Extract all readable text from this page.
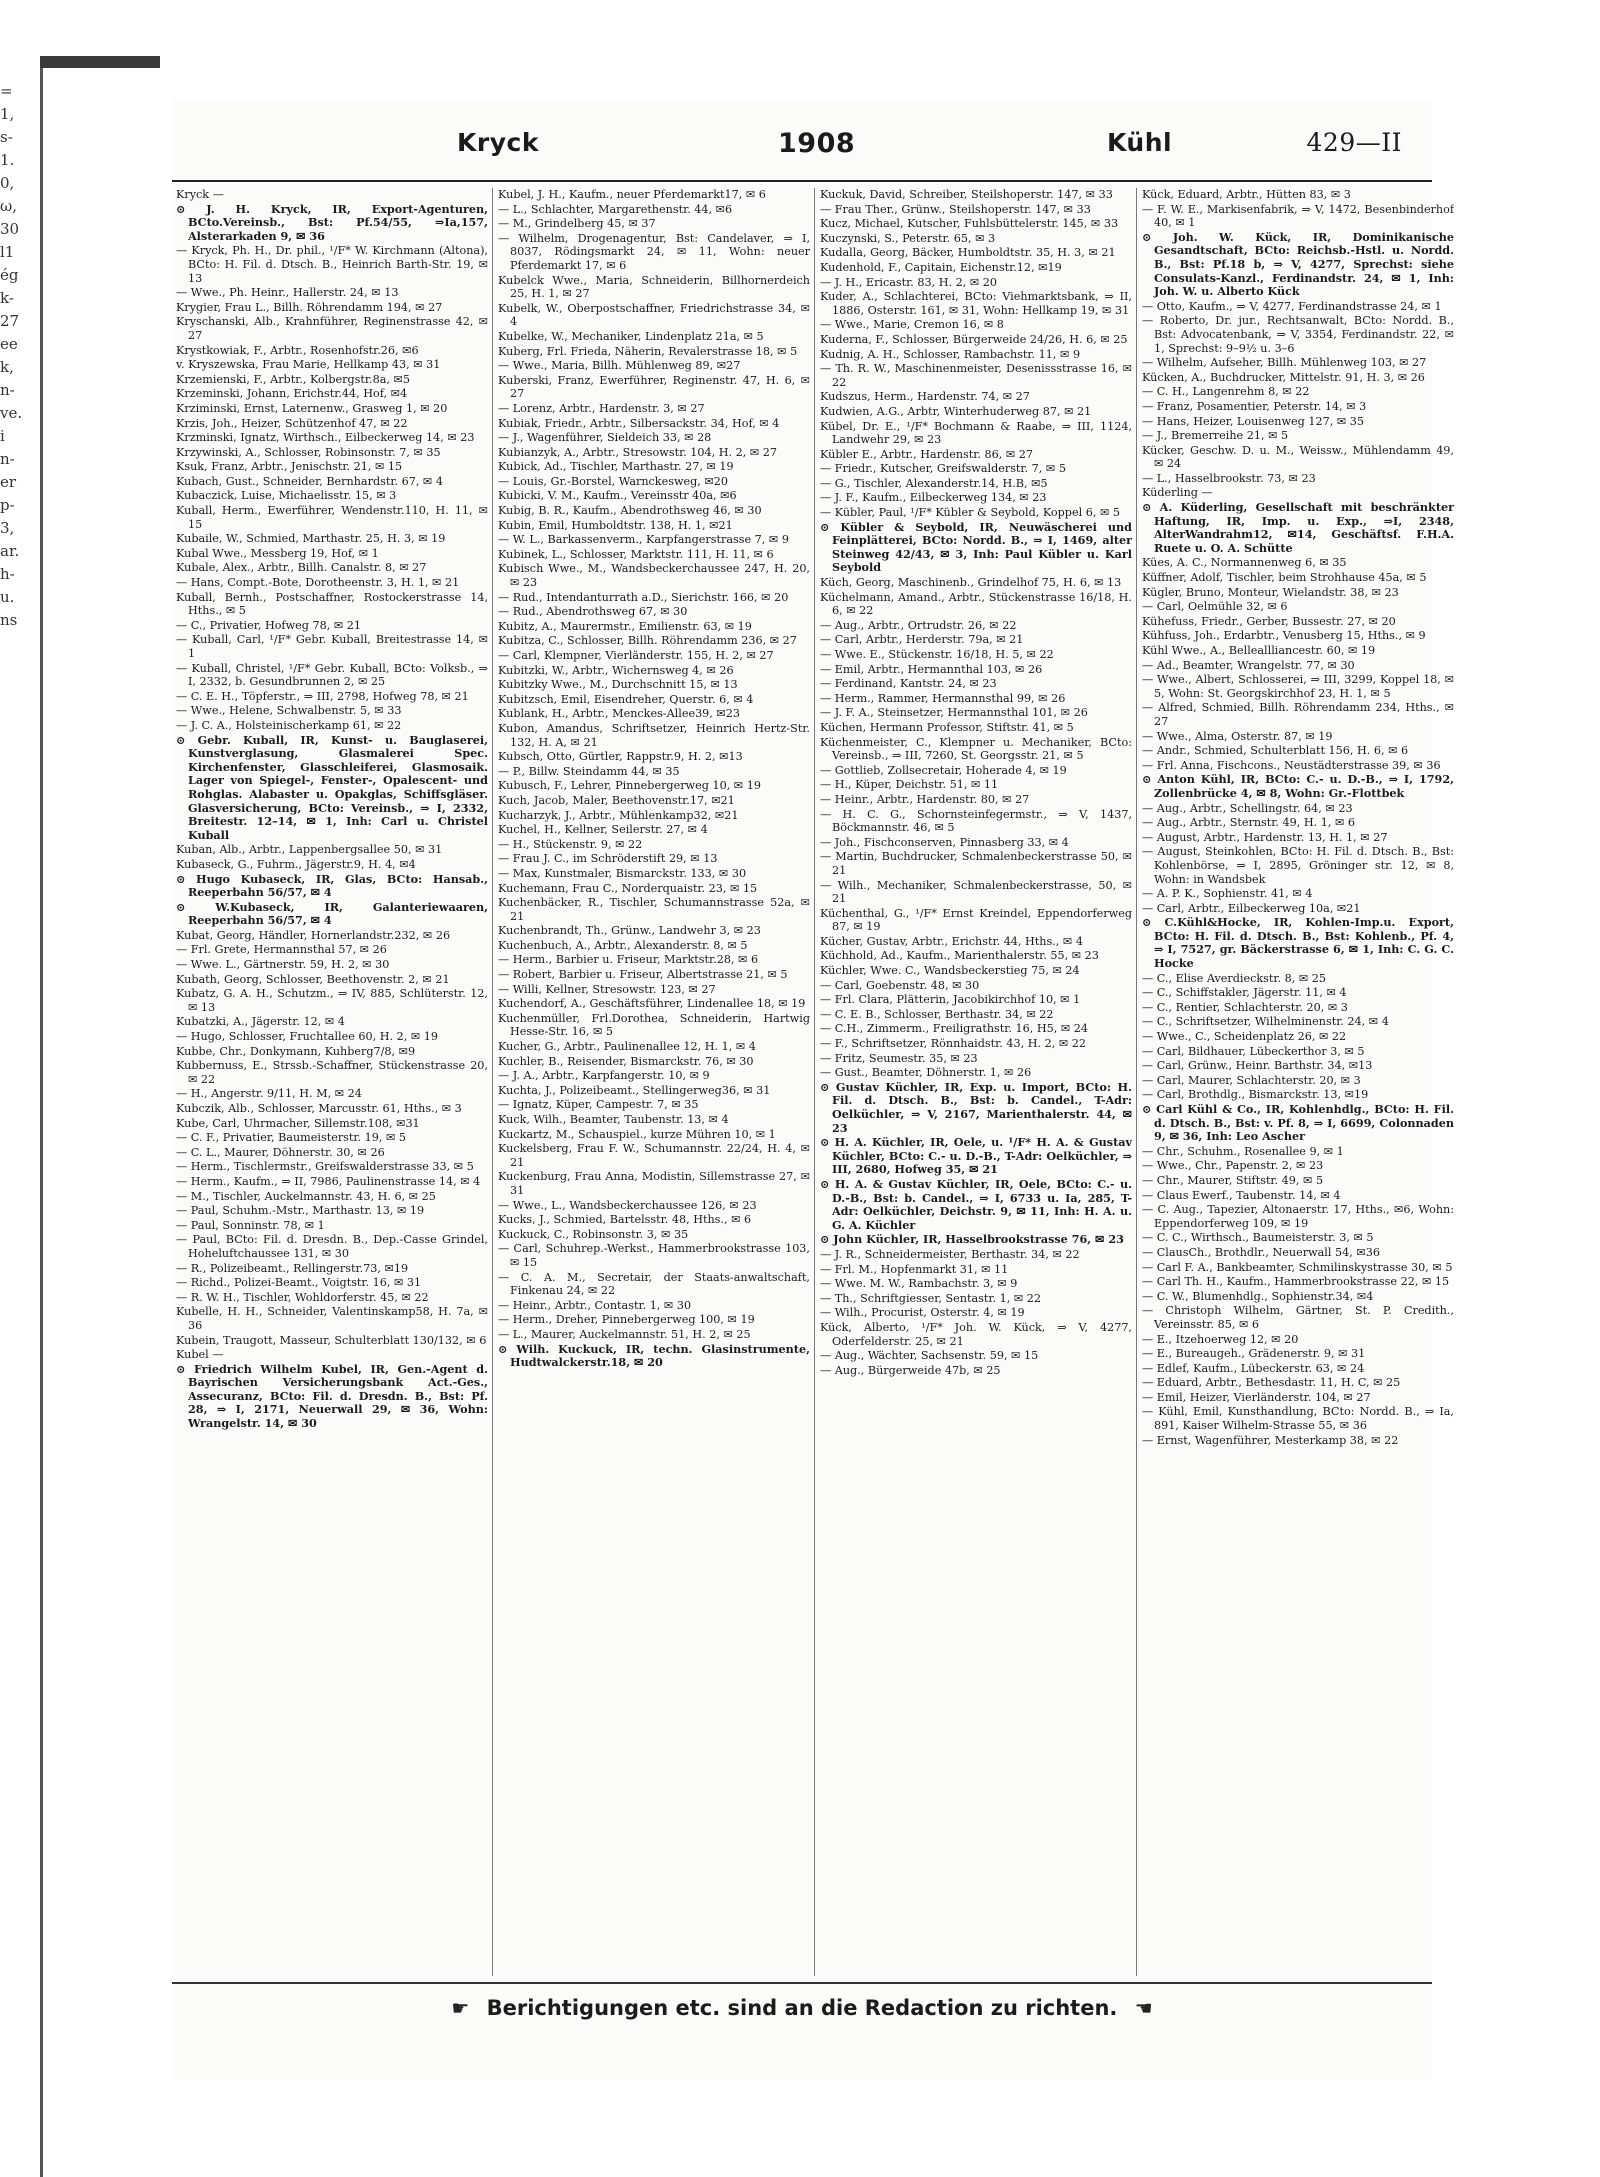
=
1,
s-
1.
0,
ω,
30
l1
ég
k-
27
ee
k,
n-
ve.
i
n-
er
p-
3,
ar.
h-
u.
ns
Kryck	1908	Kühl	429—II
Kryck —
⊙ J. H. Kryck, IR, Export-Agenturen, BCto.Vereinsb., Bst: Pf.54/55, ⇒Ia,157, Alsterarkaden 9, ✉ 36
— Kryck, Ph. H., Dr. phil., ¹/F* W. Kirchmann (Altona), BCto: H. Fil. d. Dtsch. B., Heinrich Barth-Str. 19, ✉ 13
— Wwe., Ph. Heinr., Hallerstr. 24, ✉ 13
Krygier, Frau L., Billh. Röhrendamm 194, ✉ 27
Kryschanski, Alb., Krahnführer, Reginenstrasse 42, ✉ 27
Krystkowiak, F., Arbtr., Rosenhofstr.26, ✉6
v. Kryszewska, Frau Marie, Hellkamp 43, ✉ 31
Krzemienski, F., Arbtr., Kolbergstr.8a, ✉5
Krzeminski, Johann, Erichstr.44, Hof, ✉4
Krziminski, Ernst, Laternenw., Grasweg 1, ✉ 20
Krzis, Joh., Heizer, Schützenhof 47, ✉ 22
Krzminski, Ignatz, Wirthsch., Eilbeckerweg 14, ✉ 23
Krzywinski, A., Schlosser, Robinsonstr. 7, ✉ 35
Ksuk, Franz, Arbtr., Jenischstr. 21, ✉ 15
Kubach, Gust., Schneider, Bernhardstr. 67, ✉ 4
Kubaczick, Luise, Michaelisstr. 15, ✉ 3
Kuball, Herm., Ewerführer, Wendenstr.110, H. 11, ✉ 15
Kubaile, W., Schmied, Marthastr. 25, H. 3, ✉ 19
Kubal Wwe., Messberg 19, Hof, ✉ 1
Kubale, Alex., Arbtr., Billh. Canalstr. 8, ✉ 27
— Hans, Compt.-Bote, Dorotheenstr. 3, H. 1, ✉ 21
Kuball, Bernh., Postschaffner, Rostockerstrasse 14, Hths., ✉ 5
— C., Privatier, Hofweg 78, ✉ 21
— Kuball, Carl, ¹/F* Gebr. Kuball, Breitestrasse 14, ✉ 1
— Kuball, Christel, ¹/F* Gebr. Kuball, BCto: Volksb., ⇒ I, 2332, b. Gesundbrunnen 2, ✉ 25
— C. E. H., Töpferstr., ⇒ III, 2798, Hofweg 78, ✉ 21
— Wwe., Helene, Schwalbenstr. 5, ✉ 33
— J. C. A., Holsteinischerkamp 61, ✉ 22
⊙ Gebr. Kuball, IR, Kunst- u. Bauglaserei, Kunstverglasung, Glasmalerei Spec. Kirchenfenster, Glasschleiferei, Glasmosaik. Lager von Spiegel-, Fenster-, Opalescent- und Rohglas. Alabaster u. Opakglas, Schiffsgläser. Glasversicherung, BCto: Vereinsb., ⇒ I, 2332, Breitestr. 12–14, ✉ 1, Inh: Carl u. Christel Kuball
Kuban, Alb., Arbtr., Lappenbergsallee 50, ✉ 31
Kubaseck, G., Fuhrm., Jägerstr.9, H. 4, ✉4
⊙ Hugo Kubaseck, IR, Glas, BCto: Hansab., Reeperbahn 56/57, ✉ 4
⊙ W.Kubaseck, IR, Galanteriewaaren, Reeperbahn 56/57, ✉ 4
Kubat, Georg, Händler, Hornerlandstr.232, ✉ 26
— Frl. Grete, Hermannsthal 57, ✉ 26
— Wwe. L., Gärtnerstr. 59, H. 2, ✉ 30
Kubath, Georg, Schlosser, Beethovenstr. 2, ✉ 21
Kubatz, G. A. H., Schutzm., ⇒ IV, 885, Schlüterstr. 12, ✉ 13
Kubatzki, A., Jägerstr. 12, ✉ 4
— Hugo, Schlosser, Fruchtallee 60, H. 2, ✉ 19
Kubbe, Chr., Donkymann, Kuhberg7/8, ✉9
Kubbernuss, E., Strssb.-Schaffner, Stückenstrasse 20, ✉ 22
— H., Angerstr. 9/11, H. M, ✉ 24
Kubczik, Alb., Schlosser, Marcusstr. 61, Hths., ✉ 3
Kube, Carl, Uhrmacher, Sillemstr.108, ✉31
— C. F., Privatier, Baumeisterstr. 19, ✉ 5
— C. L., Maurer, Döhnerstr. 30, ✉ 26
— Herm., Tischlermstr., Greifswalderstrasse 33, ✉ 5
— Herm., Kaufm., ⇒ II, 7986, Paulinenstrasse 14, ✉ 4
— M., Tischler, Auckelmannstr. 43, H. 6, ✉ 25
— Paul, Schuhm.-Mstr., Marthastr. 13, ✉ 19
— Paul, Sonninstr. 78, ✉ 1
— Paul, BCto: Fil. d. Dresdn. B., Dep.-Casse Grindel, Hoheluftchaussee 131, ✉ 30
— R., Polizeibeamt., Rellingerstr.73, ✉19
— Richd., Polizei-Beamt., Voigtstr. 16, ✉ 31
— R. W. H., Tischler, Wohldorferstr. 45, ✉ 22
Kubelle, H. H., Schneider, Valentinskamp58, H. 7a, ✉ 36
Kubein, Traugott, Masseur, Schulterblatt 130/132, ✉ 6
Kubel —
⊙ Friedrich Wilhelm Kubel, IR, Gen.-Agent d. Bayrischen Versicherungsbank Act.-Ges., Assecuranz, BCto: Fil. d. Dresdn. B., Bst: Pf. 28, ⇒ I, 2171, Neuerwall 29, ✉ 36, Wohn: Wrangelstr. 14, ✉ 30
Kubel, J. H., Kaufm., neuer Pferdemarkt17, ✉ 6
— L., Schlachter, Margarethenstr. 44, ✉6
— M., Grindelberg 45, ✉ 37
— Wilhelm, Drogenagentur, Bst: Candelaver, ⇒ I, 8037, Rödingsmarkt 24, ✉ 11, Wohn: neuer Pferdemarkt 17, ✉ 6
Kubelck Wwe., Maria, Schneiderin, Billhornerdeich 25, H. 1, ✉ 27
Kubelk, W., Oberpostschaffner, Friedrichstrasse 34, ✉ 4
Kubelke, W., Mechaniker, Lindenplatz 21a, ✉ 5
Kuberg, Frl. Frieda, Näherin, Revalerstrasse 18, ✉ 5
— Wwe., Maria, Billh. Mühlenweg 89, ✉27
Kuberski, Franz, Ewerführer, Reginenstr. 47, H. 6, ✉ 27
— Lorenz, Arbtr., Hardenstr. 3, ✉ 27
Kubiak, Friedr., Arbtr., Silbersackstr. 34, Hof, ✉ 4
— J., Wagenführer, Sieldeich 33, ✉ 28
Kubianzyk, A., Arbtr., Stresowstr. 104, H. 2, ✉ 27
Kubick, Ad., Tischler, Marthastr. 27, ✉ 19
— Louis, Gr.-Borstel, Warnckesweg, ✉20
Kubicki, V. M., Kaufm., Vereinsstr 40a, ✉6
Kubig, B. R., Kaufm., Abendrothsweg 46, ✉ 30
Kubin, Emil, Humboldtstr. 138, H. 1, ✉21
— W. L., Barkassenverm., Karpfangerstrasse 7, ✉ 9
Kubinek, L., Schlosser, Marktstr. 111, H. 11, ✉ 6
Kubisch Wwe., M., Wandsbeckerchaussee 247, H. 20, ✉ 23
— Rud., Intendanturrath a.D., Sierichstr. 166, ✉ 20
— Rud., Abendrothsweg 67, ✉ 30
Kubitz, A., Maurermstr., Emilienstr. 63, ✉ 19
Kubitza, C., Schlosser, Billh. Röhrendamm 236, ✉ 27
— Carl, Klempner, Vierländerstr. 155, H. 2, ✉ 27
Kubitzki, W., Arbtr., Wichernsweg 4, ✉ 26
Kubitzky Wwe., M., Durchschnitt 15, ✉ 13
Kubitzsch, Emil, Eisendreher, Querstr. 6, ✉ 4
Kublank, H., Arbtr., Menckes-Allee39, ✉23
Kubon, Amandus, Schriftsetzer, Heinrich Hertz-Str. 132, H. A, ✉ 21
Kubsch, Otto, Gürtler, Rappstr.9, H. 2, ✉13
— P., Billw. Steindamm 44, ✉ 35
Kubusch, F., Lehrer, Pinnebergerweg 10, ✉ 19
Kuch, Jacob, Maler, Beethovenstr.17, ✉21
Kucharzyk, J., Arbtr., Mühlenkamp32, ✉21
Kuchel, H., Kellner, Seilerstr. 27, ✉ 4
— H., Stückenstr. 9, ✉ 22
— Frau J. C., im Schröderstift 29, ✉ 13
— Max, Kunstmaler, Bismarckstr. 133, ✉ 30
Kuchemann, Frau C., Norderquaistr. 23, ✉ 15
Kuchenbäcker, R., Tischler, Schumannstrasse 52a, ✉ 21
Kuchenbrandt, Th., Grünw., Landwehr 3, ✉ 23
Kuchenbuch, A., Arbtr., Alexanderstr. 8, ✉ 5
— Herm., Barbier u. Friseur, Marktstr.28, ✉ 6
— Robert, Barbier u. Friseur, Albertstrasse 21, ✉ 5
— Willi, Kellner, Stresowstr. 123, ✉ 27
Kuchendorf, A., Geschäftsführer, Lindenallee 18, ✉ 19
Kuchenmüller, Frl.Dorothea, Schneiderin, Hartwig Hesse-Str. 16, ✉ 5
Kucher, G., Arbtr., Paulinenallee 12, H. 1, ✉ 4
Kuchler, B., Reisender, Bismarckstr. 76, ✉ 30
— J. A., Arbtr., Karpfangerstr. 10, ✉ 9
Kuchta, J., Polizeibeamt., Stellingerweg36, ✉ 31
— Ignatz, Küper, Campestr. 7, ✉ 35
Kuck, Wilh., Beamter, Taubenstr. 13, ✉ 4
Kuckartz, M., Schauspiel., kurze Mühren 10, ✉ 1
Kuckelsberg, Frau F. W., Schumannstr. 22/24, H. 4, ✉ 21
Kuckenburg, Frau Anna, Modistin, Sillemstrasse 27, ✉ 31
— Wwe., L., Wandsbeckerchaussee 126, ✉ 23
Kucks, J., Schmied, Bartelsstr. 48, Hths., ✉ 6
Kuckuck, C., Robinsonstr. 3, ✉ 35
— Carl, Schuhrep.-Werkst., Hammerbrookstrasse 103, ✉ 15
— C. A. M., Secretair, der Staats-anwaltschaft, Finkenau 24, ✉ 22
— Heinr., Arbtr., Contastr. 1, ✉ 30
— Herm., Dreher, Pinnebergerweg 100, ✉ 19
— L., Maurer, Auckelmannstr. 51, H. 2, ✉ 25
⊙ Wilh. Kuckuck, IR, techn. Glasinstrumente, Hudtwalckerstr.18, ✉ 20
Kuckuk, David, Schreiber, Steilshoperstr. 147, ✉ 33
— Frau Ther., Grünw., Steilshoperstr. 147, ✉ 33
Kucz, Michael, Kutscher, Fuhlsbüttelerstr. 145, ✉ 33
Kuczynski, S., Peterstr. 65, ✉ 3
Kudalla, Georg, Bäcker, Humboldtstr. 35, H. 3, ✉ 21
Kudenhold, F., Capitain, Eichenstr.12, ✉19
— J. H., Ericastr. 83, H. 2, ✉ 20
Kuder, A., Schlachterei, BCto: Viehmarktsbank, ⇒ II, 1886, Osterstr. 161, ✉ 31, Wohn: Hellkamp 19, ✉ 31
— Wwe., Marie, Cremon 16, ✉ 8
Kuderna, F., Schlosser, Bürgerweide 24/26, H. 6, ✉ 25
Kudnig, A. H., Schlosser, Rambachstr. 11, ✉ 9
— Th. R. W., Maschinenmeister, Desenissstrasse 16, ✉ 22
Kudszus, Herm., Hardenstr. 74, ✉ 27
Kudwien, A.G., Arbtr, Winterhuderweg 87, ✉ 21
Kübel, Dr. E., ¹/F* Bochmann & Raabe, ⇒ III, 1124, Landwehr 29, ✉ 23
Kübler E., Arbtr., Hardenstr. 86, ✉ 27
— Friedr., Kutscher, Greifswalderstr. 7, ✉ 5
— G., Tischler, Alexanderstr.14, H.B, ✉5
— J. F., Kaufm., Eilbeckerweg 134, ✉ 23
— Kübler, Paul, ¹/F* Kübler & Seybold, Koppel 6, ✉ 5
⊙ Kübler & Seybold, IR, Neuwäscherei und Feinplätterei, BCto: Nordd. B., ⇒ I, 1469, alter Steinweg 42/43, ✉ 3, Inh: Paul Kübler u. Karl Seybold
Küch, Georg, Maschinenb., Grindelhof 75, H. 6, ✉ 13
Küchelmann, Amand., Arbtr., Stückenstrasse 16/18, H. 6, ✉ 22
— Aug., Arbtr., Ortrudstr. 26, ✉ 22
— Carl, Arbtr., Herderstr. 79a, ✉ 21
— Wwe. E., Stückenstr. 16/18, H. 5, ✉ 22
— Emil, Arbtr., Hermannthal 103, ✉ 26
— Ferdinand, Kantstr. 24, ✉ 23
— Herm., Rammer, Hermannsthal 99, ✉ 26
— J. F. A., Steinsetzer, Hermannsthal 101, ✉ 26
Küchen, Hermann Professor, Stiftstr. 41, ✉ 5
Küchenmeister, C., Klempner u. Mechaniker, BCto: Vereinsb., ⇒ III, 7260, St. Georgsstr. 21, ✉ 5
— Gottlieb, Zollsecretair, Hoherade 4, ✉ 19
— H., Küper, Deichstr. 51, ✉ 11
— Heinr., Arbtr., Hardenstr. 80, ✉ 27
— H. C. G., Schornsteinfegermstr., ⇒ V, 1437, Böckmannstr. 46, ✉ 5
— Joh., Fischconserven, Pinnasberg 33, ✉ 4
— Martin, Buchdrucker, Schmalenbeckerstrasse 50, ✉ 21
— Wilh., Mechaniker, Schmalenbeckerstrasse, 50, ✉ 21
Küchenthal, G., ¹/F* Ernst Kreindel, Eppendorferweg 87, ✉ 19
Kücher, Gustav, Arbtr., Erichstr. 44, Hths., ✉ 4
Küchhold, Ad., Kaufm., Marienthalerstr. 55, ✉ 23
Küchler, Wwe. C., Wandsbeckerstieg 75, ✉ 24
— Carl, Goebenstr. 48, ✉ 30
— Frl. Clara, Plätterin, Jacobikirchhof 10, ✉ 1
— C. E. B., Schlosser, Berthastr. 34, ✉ 22
— C.H., Zimmerm., Freiligrathstr. 16, H5, ✉ 24
— F., Schriftsetzer, Rönnhaidstr. 43, H. 2, ✉ 22
— Fritz, Seumestr. 35, ✉ 23
— Gust., Beamter, Döhnerstr. 1, ✉ 26
⊙ Gustav Küchler, IR, Exp. u. Import, BCto: H. Fil. d. Dtsch. B., Bst: b. Candel., T-Adr: Oelküchler, ⇒ V, 2167, Marienthalerstr. 44, ✉ 23
⊙ H. A. Küchler, IR, Oele, u. ¹/F* H. A. & Gustav Küchler, BCto: C.- u. D.-B., T-Adr: Oelküchler, ⇒ III, 2680, Hofweg 35, ✉ 21
⊙ H. A. & Gustav Küchler, IR, Oele, BCto: C.- u. D.-B., Bst: b. Candel., ⇒ I, 6733 u. Ia, 285, T-Adr: Oelküchler, Deichstr. 9, ✉ 11, Inh: H. A. u. G. A. Küchler
⊙ John Küchler, IR, Hasselbrookstrasse 76, ✉ 23
— J. R., Schneidermeister, Berthastr. 34, ✉ 22
— Frl. M., Hopfenmarkt 31, ✉ 11
— Wwe. M. W., Rambachstr. 3, ✉ 9
— Th., Schriftgiesser, Sentastr. 1, ✉ 22
— Wilh., Procurist, Osterstr. 4, ✉ 19
Kück, Alberto, ¹/F* Joh. W. Kück, ⇒ V, 4277, Oderfelderstr. 25, ✉ 21
— Aug., Wächter, Sachsenstr. 59, ✉ 15
— Aug., Bürgerweide 47b, ✉ 25
Kück, Eduard, Arbtr., Hütten 83, ✉ 3
— F. W. E., Markisenfabrik, ⇒ V, 1472, Besenbinderhof 40, ✉ 1
⊙ Joh. W. Kück, IR, Dominikanische Gesandtschaft, BCto: Reichsb.-Hstl. u. Nordd. B., Bst: Pf.18 b, ⇒ V, 4277, Sprechst: siehe Consulats-Kanzl., Ferdinandstr. 24, ✉ 1, Inh: Joh. W. u. Alberto Kück
— Otto, Kaufm., ⇒ V, 4277, Ferdinandstrasse 24, ✉ 1
— Roberto, Dr. jur., Rechtsanwalt, BCto: Nordd. B., Bst: Advocatenbank, ⇒ V, 3354, Ferdinandstr. 22, ✉ 1, Sprechst: 9–9½ u. 3–6
— Wilhelm, Aufseher, Billh. Mühlenweg 103, ✉ 27
Kücken, A., Buchdrucker, Mittelstr. 91, H. 3, ✉ 26
— C. H., Langenrehm 8, ✉ 22
— Franz, Posamentier, Peterstr. 14, ✉ 3
— Hans, Heizer, Louisenweg 127, ✉ 35
— J., Bremerreihe 21, ✉ 5
Kücker, Geschw. D. u. M., Weissw., Mühlendamm 49, ✉ 24
— L., Hasselbrookstr. 73, ✉ 23
Küderling —
⊙ A. Küderling, Gesellschaft mit beschränkter Haftung, IR, Imp. u. Exp., ⇒I, 2348, AlterWandrahm12, ✉14, Geschäftsf. F.H.A. Ruete u. O. A. Schütte
Kües, A. C., Normannenweg 6, ✉ 35
Küffner, Adolf, Tischler, beim Strohhause 45a, ✉ 5
Kügler, Bruno, Monteur, Wielandstr. 38, ✉ 23
— Carl, Oelmühle 32, ✉ 6
Kühefuss, Friedr., Gerber, Bussestr. 27, ✉ 20
Kühfuss, Joh., Erdarbtr., Venusberg 15, Hths., ✉ 9
Kühl Wwe., A., Belleallliancestr. 60, ✉ 19
— Ad., Beamter, Wrangelstr. 77, ✉ 30
— Wwe., Albert, Schlosserei, ⇒ III, 3299, Koppel 18, ✉ 5, Wohn: St. Georgskirchhof 23, H. 1, ✉ 5
— Alfred, Schmied, Billh. Röhrendamm 234, Hths., ✉ 27
— Wwe., Alma, Osterstr. 87, ✉ 19
— Andr., Schmied, Schulterblatt 156, H. 6, ✉ 6
— Frl. Anna, Fischcons., Neustädterstrasse 39, ✉ 36
⊙ Anton Kühl, IR, BCto: C.- u. D.-B., ⇒ I, 1792, Zollenbrücke 4, ✉ 8, Wohn: Gr.-Flottbek
— Aug., Arbtr., Schellingstr. 64, ✉ 23
— Aug., Arbtr., Sternstr. 49, H. 1, ✉ 6
— August, Arbtr., Hardenstr. 13, H. 1, ✉ 27
— August, Steinkohlen, BCto: H. Fil. d. Dtsch. B., Bst: Kohlenbörse, ⇒ I, 2895, Gröninger str. 12, ✉ 8, Wohn: in Wandsbek
— A. P. K., Sophienstr. 41, ✉ 4
— Carl, Arbtr., Eilbeckerweg 10a, ✉21
⊙ C.Kühl&Hocke, IR, Kohlen-Imp.u. Export, BCto: H. Fil. d. Dtsch. B., Bst: Kohlenb., Pf. 4, ⇒ I, 7527, gr. Bäckerstrasse 6, ✉ 1, Inh: C. G. C. Hocke
— C., Elise Averdieckstr. 8, ✉ 25
— C., Schiffstakler, Jägerstr. 11, ✉ 4
— C., Rentier, Schlachterstr. 20, ✉ 3
— C., Schriftsetzer, Wilhelminenstr. 24, ✉ 4
— Wwe., C., Scheidenplatz 26, ✉ 22
— Carl, Bildhauer, Lübeckerthor 3, ✉ 5
— Carl, Grünw., Heinr. Barthstr. 34, ✉13
— Carl, Maurer, Schlachterstr. 20, ✉ 3
— Carl, Brothdlg., Bismarckstr. 13, ✉19
⊙ Carl Kühl & Co., IR, Kohlenhdlg., BCto: H. Fil. d. Dtsch. B., Bst: v. Pf. 8, ⇒ I, 6699, Colonnaden 9, ✉ 36, Inh: Leo Ascher
— Chr., Schuhm., Rosenallee 9, ✉ 1
— Wwe., Chr., Papenstr. 2, ✉ 23
— Chr., Maurer, Stiftstr. 49, ✉ 5
— Claus Ewerf., Taubenstr. 14, ✉ 4
— C. Aug., Tapezier, Altonaerstr. 17, Hths., ✉6, Wohn: Eppendorferweg 109, ✉ 19
— C. C., Wirthsch., Baumeisterstr. 3, ✉ 5
— ClausCh., Brothdlr., Neuerwall 54, ✉36
— Carl F. A., Bankbeamter, Schmilinskystrasse 30, ✉ 5
— Carl Th. H., Kaufm., Hammerbrookstrasse 22, ✉ 15
— C. W., Blumenhdlg., Sophienstr.34, ✉4
— Christoph Wilhelm, Gärtner, St. P. Credith., Vereinsstr. 85, ✉ 6
— E., Itzehoerweg 12, ✉ 20
— E., Bureaugeh., Grädenerstr. 9, ✉ 31
— Edlef, Kaufm., Lübeckerstr. 63, ✉ 24
— Eduard, Arbtr., Bethesdastr. 11, H. C, ✉ 25
— Emil, Heizer, Vierländerstr. 104, ✉ 27
— Kühl, Emil, Kunsthandlung, BCto: Nordd. B., ⇒ Ia, 891, Kaiser Wilhelm-Strasse 55, ✉ 36
— Ernst, Wagenführer, Mesterkamp 38, ✉ 22
☛ Berichtigungen etc. sind an die Redaction zu richten. ☚
